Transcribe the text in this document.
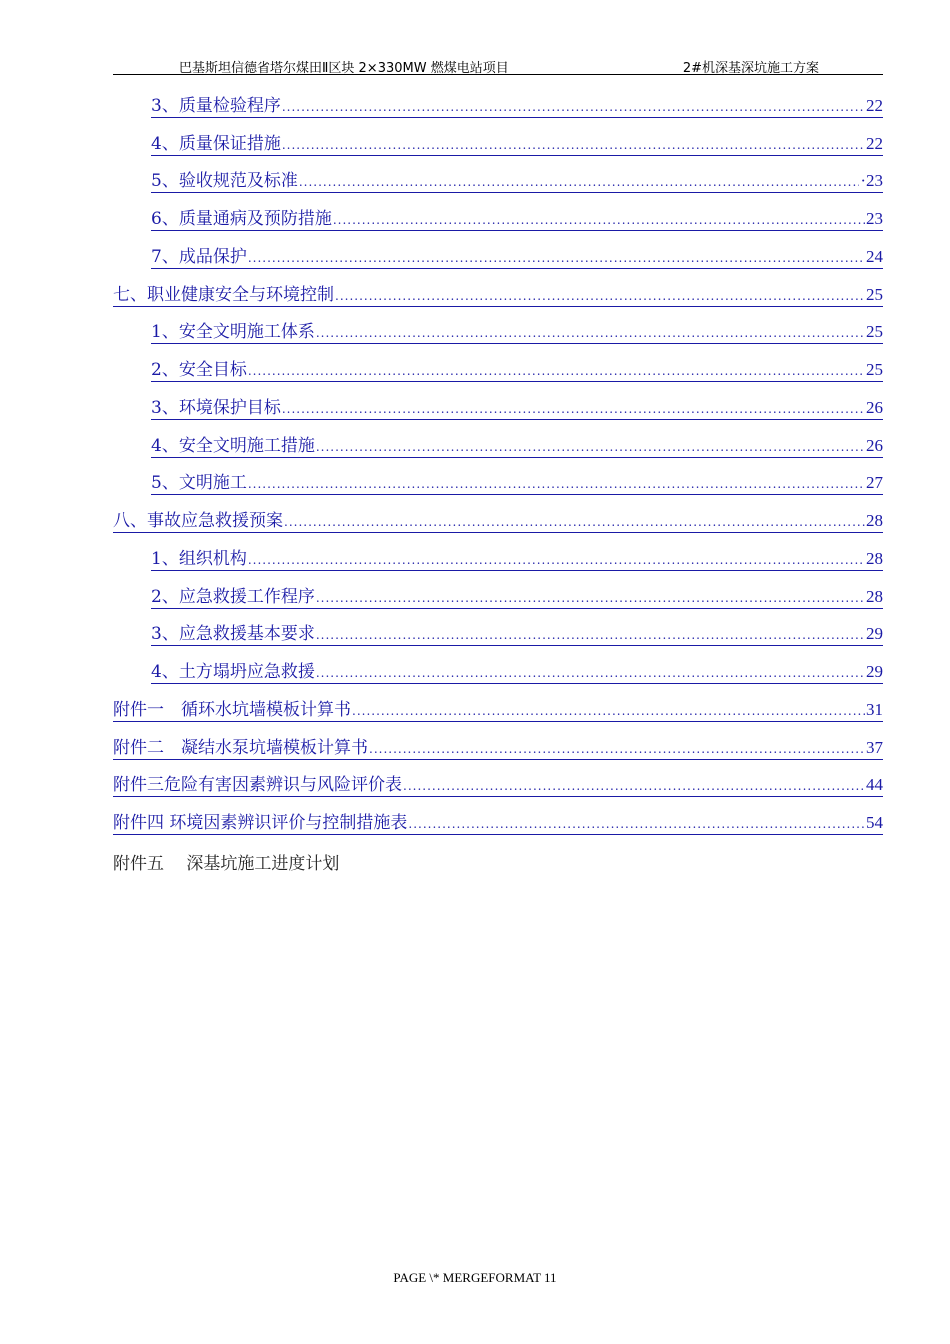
巴基斯坦信德省塔尔煤田Ⅱ区块 2×330MW 燃煤电站项目	2#机深基深坑施工方案
3、质量检验程序 .....	22
4、质量保证措施 .....	22
5、验收规范及标准 .....	·23
6、质量通病及预防措施 .....	23
7、成品保护 .....	24
七、职业健康安全与环境控制 .....	25
1、安全文明施工体系 .....	25
2、安全目标 .....	25
3、环境保护目标 .....	26
4、安全文明施工措施 .....	26
5、文明施工 .....	27
八、事故应急救援预案 .....	28
1、组织机构 .....	28
2、应急救援工作程序 .....	28
3、应急救援基本要求 .....	29
4、土方塌坍应急救援 .....	29
附件一　循环水坑墙模板计算书 .....	31
附件二　凝结水泵坑墙模板计算书 .....	37
附件三危险有害因素辨识与风险评价表 .....	44
附件四 环境因素辨识评价与控制措施表 .....	54
附件五　 深基坑施工进度计划
PAGE \* MERGEFORMAT 11
